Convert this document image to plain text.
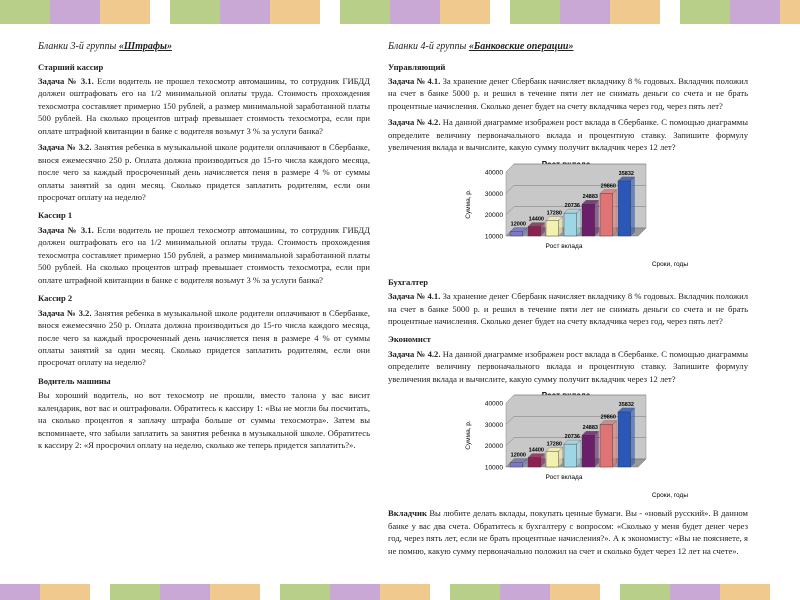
Бланки 3-й группы «Штрафы»
Старший кассир

Задача № 3.1. Если водитель не прошел техосмотр автомашины, то сотрудник ГИБДД должен оштрафовать его на 1/2 минимальной оплаты труда. Стоимость прохождения техосмотра составляет примерно 150 рублей, а размер минимальной заработанной платы 500 рублей. На сколько процентов штраф превышает стоимость техосмотра, если при оплате штрафной квитанции в банке с водителя возьмут 3 % за услуги банка?

Задача № 3.2. Занятия ребенка в музыкальной школе родители оплачивают в Сбербанке, внося ежемесячно 250 р. Оплата должна производиться до 15-го числа каждого месяца, после чего за каждый просроченный день начисляется пеня в размере 4 % от суммы оплаты занятий за один месяц. Сколько придется заплатить родителям, если они просрочат оплату на неделю?

Кассир 1

Задача № 3.1. Если водитель не прошел техосмотр автомашины, то сотрудник ГИБДД должен оштрафовать его на 1/2 минимальной оплаты труда. Стоимость прохождения техосмотра составляет примерно 150 рублей, а размер минимальной заработанной платы 500 рублей. На сколько процентов штраф превышает стоимость техосмотра, если при оплате штрафной квитанции в банке с водителя возьмут 3 % за услуги банка?

Кассир 2

Задача № 3.2. Занятия ребенка в музыкальной школе родители оплачивают в Сбербанке, внося ежемесячно 250 р. Оплата должна производиться до 15-го числа каждого месяца, после чего за каждый просроченный день начисляется пеня в размере 4 % от суммы оплаты занятий за один месяц. Сколько придется заплатить родителям, если они просрочат оплату на неделю?

Водитель машины

Вы хороший водитель, но вот техосмотр не прошли, вместо талона у вас висит календарик, вот вас и оштрафовали. Обратитесь к кассиру 1: «Вы не могли бы посчитать, на сколько процентов я заплачу штрафа больше от суммы техосмотра». Затем вы вспоминаете, что забыли заплатить за занятия ребенка в музыкальной школе. Обратитесь к кассиру 2: «Я просрочил оплату на неделю, сколько же теперь придется заплатить?».

Бланки 4-й группы «Банковские операции»
Управляющий

Задача № 4.1. За хранение денег Сбербанк начисляет вкладчику 8 % годовых. Вкладчик положил на счет в банке 5000 р. и решил в течение пяти лет не снимать деньги со счета и не брать процентные начисления. Сколько денег будет на счету вкладчика через год, через пять лет?

Задача № 4.2. На данной диаграмме изображен рост вклада в Сбербанке. С помощью диаграммы определите величину первоначального вклада и процентную ставку. Запишите формулу увеличения вклада и вычислите, какую сумму получит вкладчик через 12 лет?

10000
20000
30000
40000
Сумма, р.
12000
14400
17280
20736
24883
29860
35832
Рост вклада
Сроки, годы
Бухгалтер

Задача № 4.1. За хранение денег Сбербанк начисляет вкладчику 8 % годовых. Вкладчик положил на счет в банке 5000 р. и решил в течение пяти лет не снимать деньги со счета и не брать процентные начисления. Сколько денег будет на счету вкладчика через год, через пять лет?

Экономист

Задача № 4.2. На данной диаграмме изображен рост вклада в Сбербанке. С помощью диаграммы определите величину первоначального вклада и процентную ставку. Запишите формулу увеличения вклада и вычислите, какую сумму получит вкладчик через 12 лет?

10000
20000
30000
40000
Сумма, р.
12000
14400
17280
20736
24883
29860
35832
Рост вклада
Сроки, годы

Вкладчик Вы любите делать вклады, покупать ценные бумаги. Вы - «новый русский». В данном банке у вас два счета. Обратитесь к бухгалтеру с вопросом: «Сколько у меня будет денег через год, через пять лет, если не брать процентные начисления?». А к экономисту: «Вы не поясняете, я не помню, какую сумму первоначально положил на счет и сколько будет через 12 лет на счете».
